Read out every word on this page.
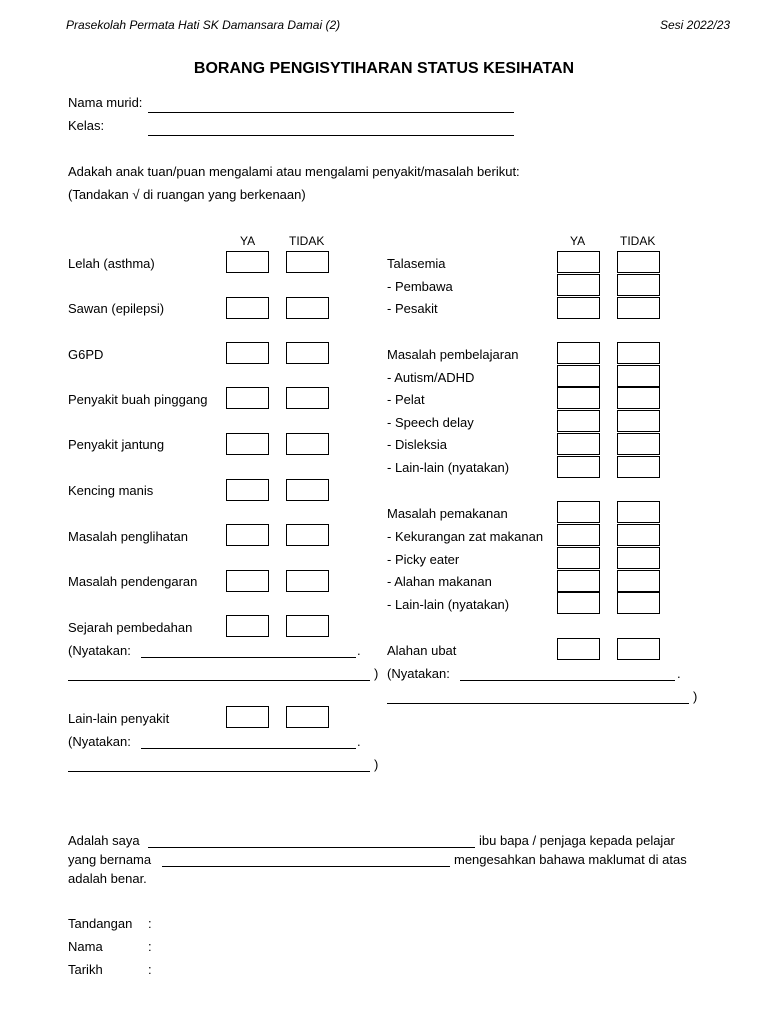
Prasekolah Permata Hati SK Damansara Damai (2)	Sesi 2022/23
BORANG PENGISYTIHARAN STATUS KESIHATAN
Nama murid:
Kelas:
Adakah anak tuan/puan mengalami atau mengalami penyakit/masalah berikut:
(Tandakan √ di ruangan yang berkenaan)
YA	TIDAK	YA	TIDAK
Lelah (asthma)
Sawan (epilepsi)
G6PD
Penyakit buah pinggang
Penyakit jantung
Kencing manis
Masalah penglihatan
Masalah pendengaran
Sejarah pembedahan
(Nyatakan:	.
)
Lain-lain penyakit
(Nyatakan:	.
)
Talasemia
- Pembawa
- Pesakit
Masalah pembelajaran
- Autism/ADHD
- Pelat
- Speech delay
- Disleksia
- Lain-lain (nyatakan)
Masalah pemakanan
- Kekurangan zat makanan
- Picky eater
- Alahan makanan
- Lain-lain (nyatakan)
Alahan ubat
(Nyatakan:	.
)
Adalah saya	ibu bapa / penjaga kepada pelajar
yang bernama	mengesahkan bahawa maklumat di atas
adalah benar.
Tandangan :
Nama	:
Tarikh	:
